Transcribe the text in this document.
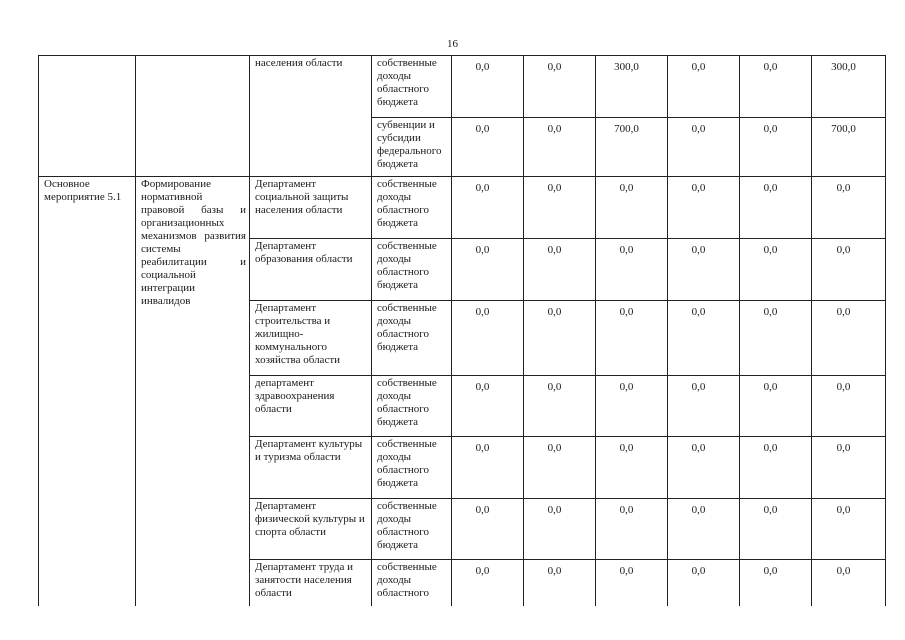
16
		населения области	собственные доходы областного бюджета	0,0	0,0	300,0	0,0	0,0	300,0
			субвенции и субсидии федерального бюджета	0,0	0,0	700,0	0,0	0,0	700,0
Основное мероприятие 5.1	Формирование нормативной правовой базы и организационных механизмов развития системы реабилитации и социальной интеграции инвалидов	Департамент социальной защиты населения области	собственные доходы областного бюджета	0,0	0,0	0,0	0,0	0,0	0,0
		Департамент образования области	собственные доходы областного бюджета	0,0	0,0	0,0	0,0	0,0	0,0
		Департамент строительства и жилищно-коммунального хозяйства области	собственные доходы областного бюджета	0,0	0,0	0,0	0,0	0,0	0,0
		департамент здравоохранения области	собственные доходы областного бюджета	0,0	0,0	0,0	0,0	0,0	0,0
		Департамент культуры и туризма области	собственные доходы областного бюджета	0,0	0,0	0,0	0,0	0,0	0,0
		Департамент физической культуры и спорта области	собственные доходы областного бюджета	0,0	0,0	0,0	0,0	0,0	0,0
		Департамент труда и занятости населения области	собственные доходы областного	0,0	0,0	0,0	0,0	0,0	0,0
